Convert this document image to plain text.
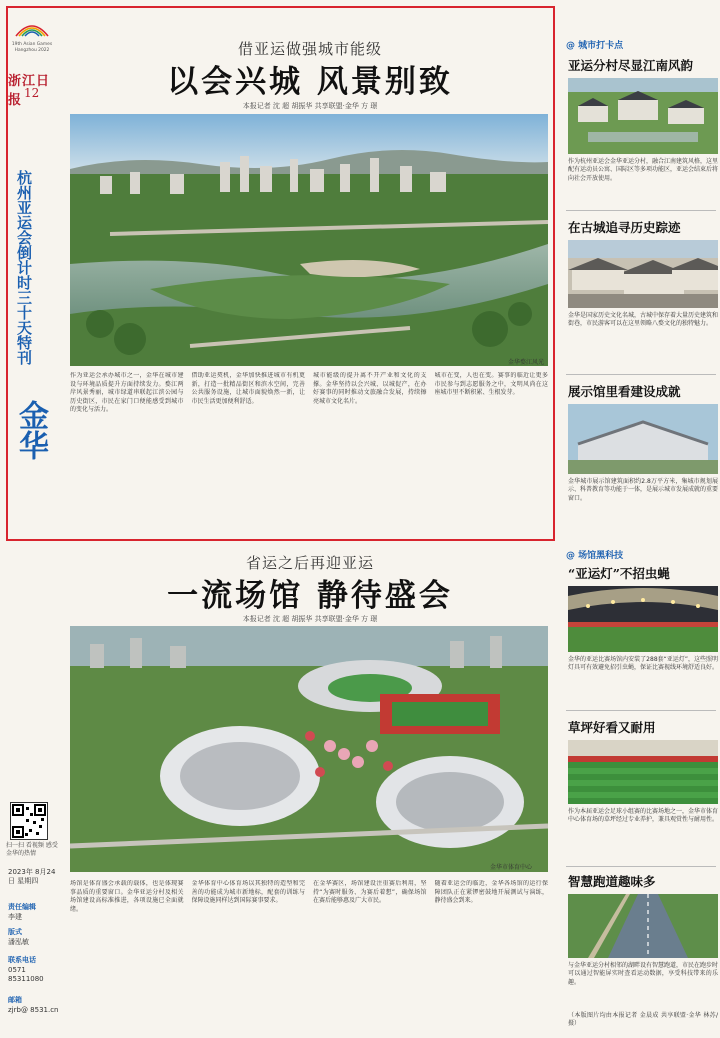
19th Asian Games
Hangzhou 2022
浙江日报 12
杭州亚运会倒计时三十天特刊
金华
扫一扫 看视频 感受金华的热情
2023年 8月24日 星期四
责任编辑
李建
版式
潘泓敏
联系电话
0571 85311080
邮箱
zjrb@ 8531.cn
借亚运做强城市能级
以会兴城 风景别致
本报记者 沈 超 胡振华 共享联盟·金华 方 璟
金华婺江风光
作为亚运会承办城市之一，金华在城市建设与环境品质提升方面持续发力。婺江两岸风景秀丽，城市绿道串联起江滨公园与历史街区，市民在家门口便能感受到城市的变化与活力。
借助亚运契机，金华加快推进城市有机更新，打造一批精品街区和滨水空间，完善公共服务设施，让城市面貌焕然一新，让市民生活更加便利舒适。
城市能级的提升离不开产业和文化的支撑。金华坚持以会兴城、以城促产，在办好赛事的同时推动文旅融合发展，持续擦亮城市文化名片。
城市在变，人也在变。赛事的临近让更多市民参与到志愿服务之中，文明风尚在这座城市里不断积累、生根发芽。
省运之后再迎亚运
一流场馆 静待盛会
本报记者 沈 超 胡振华 共享联盟·金华 方 璟
金华市体育中心
场馆是体育盛会承载的载体，也是体现赛事品质的重要窗口。金华亚运分村及相关场馆建设高标准推进，各项设施已全面就绪。
金华体育中心体育场以其独特的造型和完善的功能成为城市新地标，配套的训练与保障设施同样达到国际赛事要求。
在金华赛区，场馆建设注重赛后利用，坚持“为赛时服务、为赛后着想”，确保场馆在赛后能够惠及广大市民。
随着亚运会的临近，金华各场馆的运行保障团队正在紧锣密鼓地开展测试与演练，静待盛会到来。
@ 城市打卡点
亚运分村尽显江南风韵
作为杭州亚运会金华亚运分村，融合江南建筑风格，这里配有运动员公寓、国际区等多项功能区，亚运会结束后将向社会开放使用。
在古城追寻历史踪迹
金华是国家历史文化名城，古城中保存着大量历史建筑和街巷，市民游客可以在这里领略八婺文化的独特魅力。
展示馆里看建设成就
金华城市展示馆建筑面积约2.8万平方米，集城市规划展示、科普教育等功能于一体，是展示城市发展成就的重要窗口。
@ 场馆黑科技
“亚运灯”不招虫蝇
金华的亚运比赛场馆内安装了288套“亚运灯”，这些照明灯具可有效避免招引虫蝇，保证比赛视线环境舒适良好。
草坪好看又耐用
作为本届亚运会足球小组赛的比赛场地之一，金华市体育中心体育场的草坪经过专业养护，兼具观赏性与耐用性。
智慧跑道趣味多
与金华亚运分村相邻的湖畔设有智慧跑道，市民在跑步时可以通过智能屏实时查看运动数据，享受科技带来的乐趣。
（本版图片均由本报记者 金晨成 共享联盟·金华 林苏/摄）
